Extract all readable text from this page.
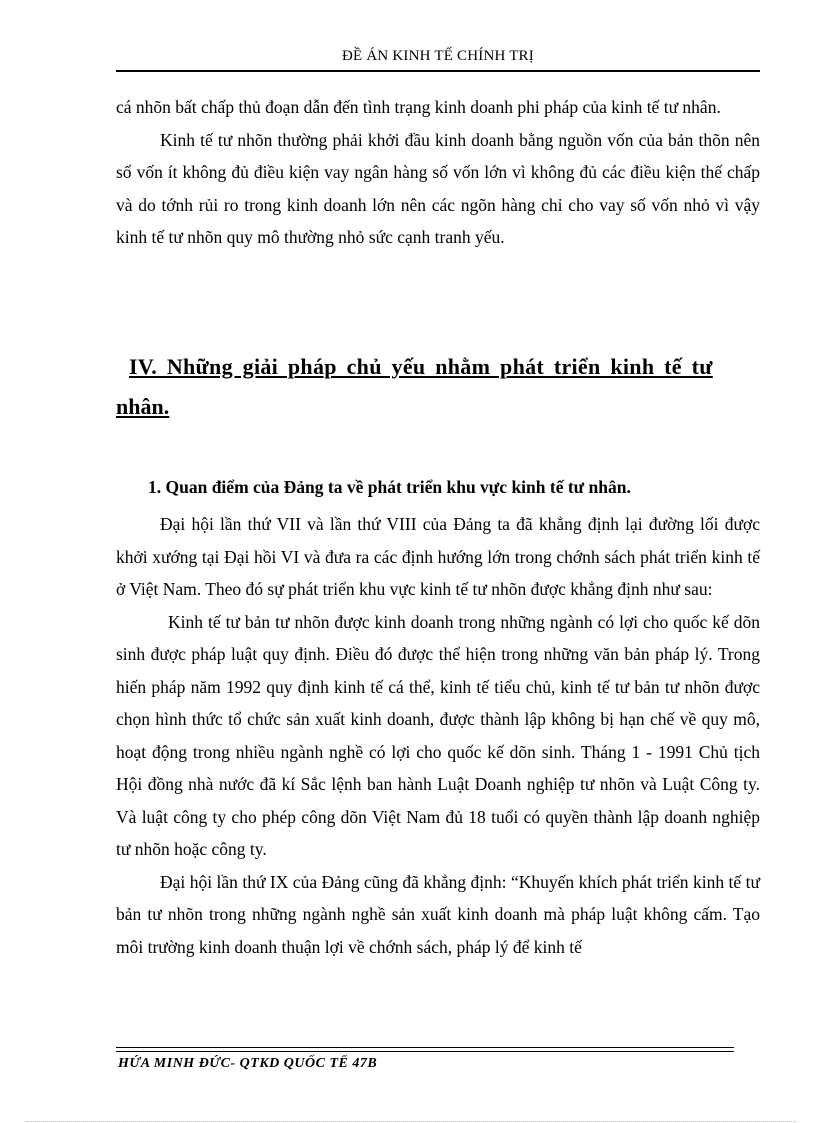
ĐỀ ÁN KINH TẾ CHÍNH TRỊ

cá nhõn bất chấp thủ đoạn dẫn đến tình trạng kinh doanh phi pháp của kinh tế tư nhân.

Kinh tế tư nhõn thường phải khởi đầu kinh doanh bằng nguồn vốn của bản thõn nên số vốn ít không đủ điều kiện vay ngân hàng số vốn lớn vì không đủ các điều kiện thế chấp và do tớnh rủi ro trong kinh doanh lớn nên các ngõn hàng chỉ cho vay số vốn nhỏ vì vậy kinh tế tư nhõn quy mô thường nhỏ sức cạnh tranh yếu.

IV. Những giải pháp chủ yếu nhằm phát triển kinh tế tư
nhân.
1. Quan điểm của Đảng ta về phát triển khu vực kinh tế tư nhân.

Đại hội lần thứ VII và lần thứ VIII của Đảng ta đã khẳng định lại đường lối được khởi xướng tại Đại hồi VI và đưa ra các định hướng lớn trong chớnh sách phát triển kinh tế ở Việt Nam. Theo đó sự phát triển khu vực kinh tế tư nhõn được khẳng định như sau:

Kinh tế tư bản tư nhõn được kinh doanh trong những ngành có lợi cho quốc kế dõn sinh được pháp luật quy định. Điều đó được thể hiện trong những văn bản pháp lý. Trong hiến pháp năm 1992 quy định kinh tế cá thể, kinh tế tiểu chủ, kinh tế tư bản tư nhõn được chọn hình thức tổ chức sản xuất kinh doanh, được thành lập không bị hạn chế về quy mô, hoạt động trong nhiều ngành nghề có lợi cho quốc kế dõn sinh. Tháng 1 - 1991 Chủ tịch Hội đồng nhà nước đã kí Sắc lệnh ban hành Luật Doanh nghiệp tư nhõn và Luật Công ty. Và luật công ty cho phép công dõn Việt Nam đủ 18 tuổi có quyền thành lập doanh nghiệp tư nhõn hoặc công ty.

Đại hội lần thứ IX của Đảng cũng đã khẳng định: “Khuyến khích phát triển kinh tế tư bản tư nhõn trong những ngành nghề sản xuất kinh doanh mà pháp luật không cấm. Tạo môi trường kinh doanh thuận lợi về chớnh sách, pháp lý để kinh tế

HỨA MINH ĐỨC- QTKD QUỐC TẾ 47B
